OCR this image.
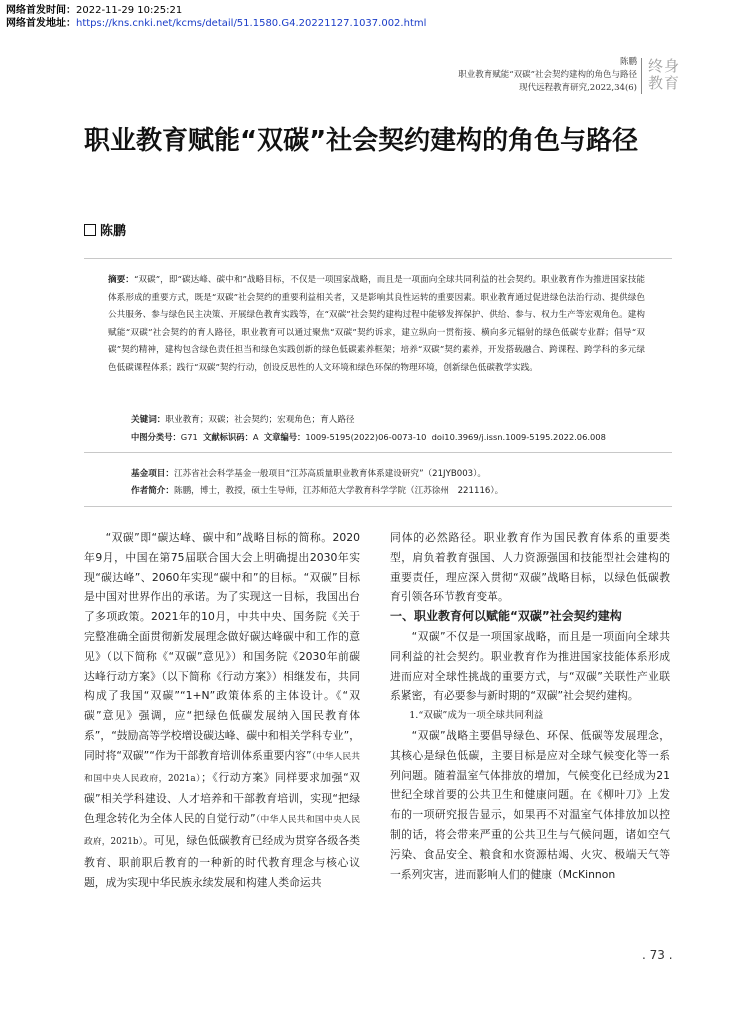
网络首发时间：2022-11-29 10:25:21
网络首发地址：https://kns.cnki.net/kcms/detail/51.1580.G4.20221127.1037.002.html
陈鹏
职业教育赋能“双碳”社会契约建构的角色与路径
现代远程教育研究,2022,34(6)
终身
教育
职业教育赋能“双碳”社会契约建构的角色与路径
陈鹏
摘要：“双碳”，即“碳达峰、碳中和”战略目标，不仅是一项国家战略，而且是一项面向全球共同利益的社会契约。职业教育作为推进国家技能体系形成的重要方式，既是“双碳”社会契约的重要利益相关者，又是影响其良性运转的重要因素。职业教育通过促进绿色法治行动、提供绿色公共服务、参与绿色民主决策、开展绿色教育实践等，在“双碳”社会契约建构过程中能够发挥保护、供给、参与、权力生产等宏观角色。建构赋能“双碳”社会契约的育人路径，职业教育可以通过聚焦“双碳”契约诉求，建立纵向一贯衔接、横向多元辐射的绿色低碳专业群；倡导“双碳”契约精神，建构包含绿色责任担当和绿色实践创新的绿色低碳素养框架；培养“双碳”契约素养，开发搭载融合、跨课程、跨学科的多元绿色低碳课程体系；践行“双碳”契约行动，创设反思性的人文环境和绿色环保的物理环境，创新绿色低碳教学实践。
关键词：职业教育；双碳；社会契约；宏观角色；育人路径
中图分类号：G71 文献标识码：A 文章编号：1009-5195(2022)06-0073-10 doi10.3969/j.issn.1009-5195.2022.06.008
基金项目：江苏省社会科学基金一般项目“江苏高质量职业教育体系建设研究”（21JYB003）。
作者简介：陈鹏，博士，教授，硕士生导师，江苏师范大学教育科学学院（江苏徐州　221116）。

“双碳”即“碳达峰、碳中和”战略目标的简称。2020年9月，中国在第75届联合国大会上明确提出2030年实现“碳达峰”、2060年实现“碳中和”的目标。“双碳”目标是中国对世界作出的承诺。为了实现这一目标，我国出台了多项政策。2021年的10月，中共中央、国务院《关于完整准确全面贯彻新发展理念做好碳达峰碳中和工作的意见》（以下简称《“双碳”意见》）和国务院《2030年前碳达峰行动方案》（以下简称《行动方案》）相继发布，共同构成了我国“双碳”“1+N”政策体系的主体设计。《“双碳”意见》强调，应“把绿色低碳发展纳入国民教育体系”，“鼓励高等学校增设碳达峰、碳中和相关学科专业”，同时将“双碳”“作为干部教育培训体系重要内容”（中华人民共和国中央人民政府，2021a）；《行动方案》同样要求加强“双碳”相关学科建设、人才培养和干部教育培训，实现“把绿色理念转化为全体人民的自觉行动”（中华人民共和国中央人民政府，2021b）。可见，绿色低碳教育已经成为贯穿各级各类教育、职前职后教育的一种新的时代教育理念与核心议题，成为实现中华民族永续发展和构建人类命运共

同体的必然路径。职业教育作为国民教育体系的重要类型，肩负着教育强国、人力资源强国和技能型社会建构的重要责任，理应深入贯彻“双碳”战略目标，以绿色低碳教育引领各环节教育变革。

一、职业教育何以赋能“双碳”社会契约建构

“双碳”不仅是一项国家战略，而且是一项面向全球共同利益的社会契约。职业教育作为推进国家技能体系形成进而应对全球性挑战的重要方式，与“双碳”关联性产业联系紧密，有必要参与新时期的“双碳”社会契约建构。

1.“双碳”成为一项全球共同利益

“双碳”战略主要倡导绿色、环保、低碳等发展理念，其核心是绿色低碳，主要目标是应对全球气候变化等一系列问题。随着温室气体排放的增加，气候变化已经成为21世纪全球首要的公共卫生和健康问题。在《柳叶刀》上发布的一项研究报告显示，如果再不对温室气体排放加以控制的话，将会带来严重的公共卫生与气候问题，诸如空气污染、食品安全、粮食和水资源枯竭、火灾、极端天气等一系列灾害，进而影响人们的健康（McKinnon

. 73 .
